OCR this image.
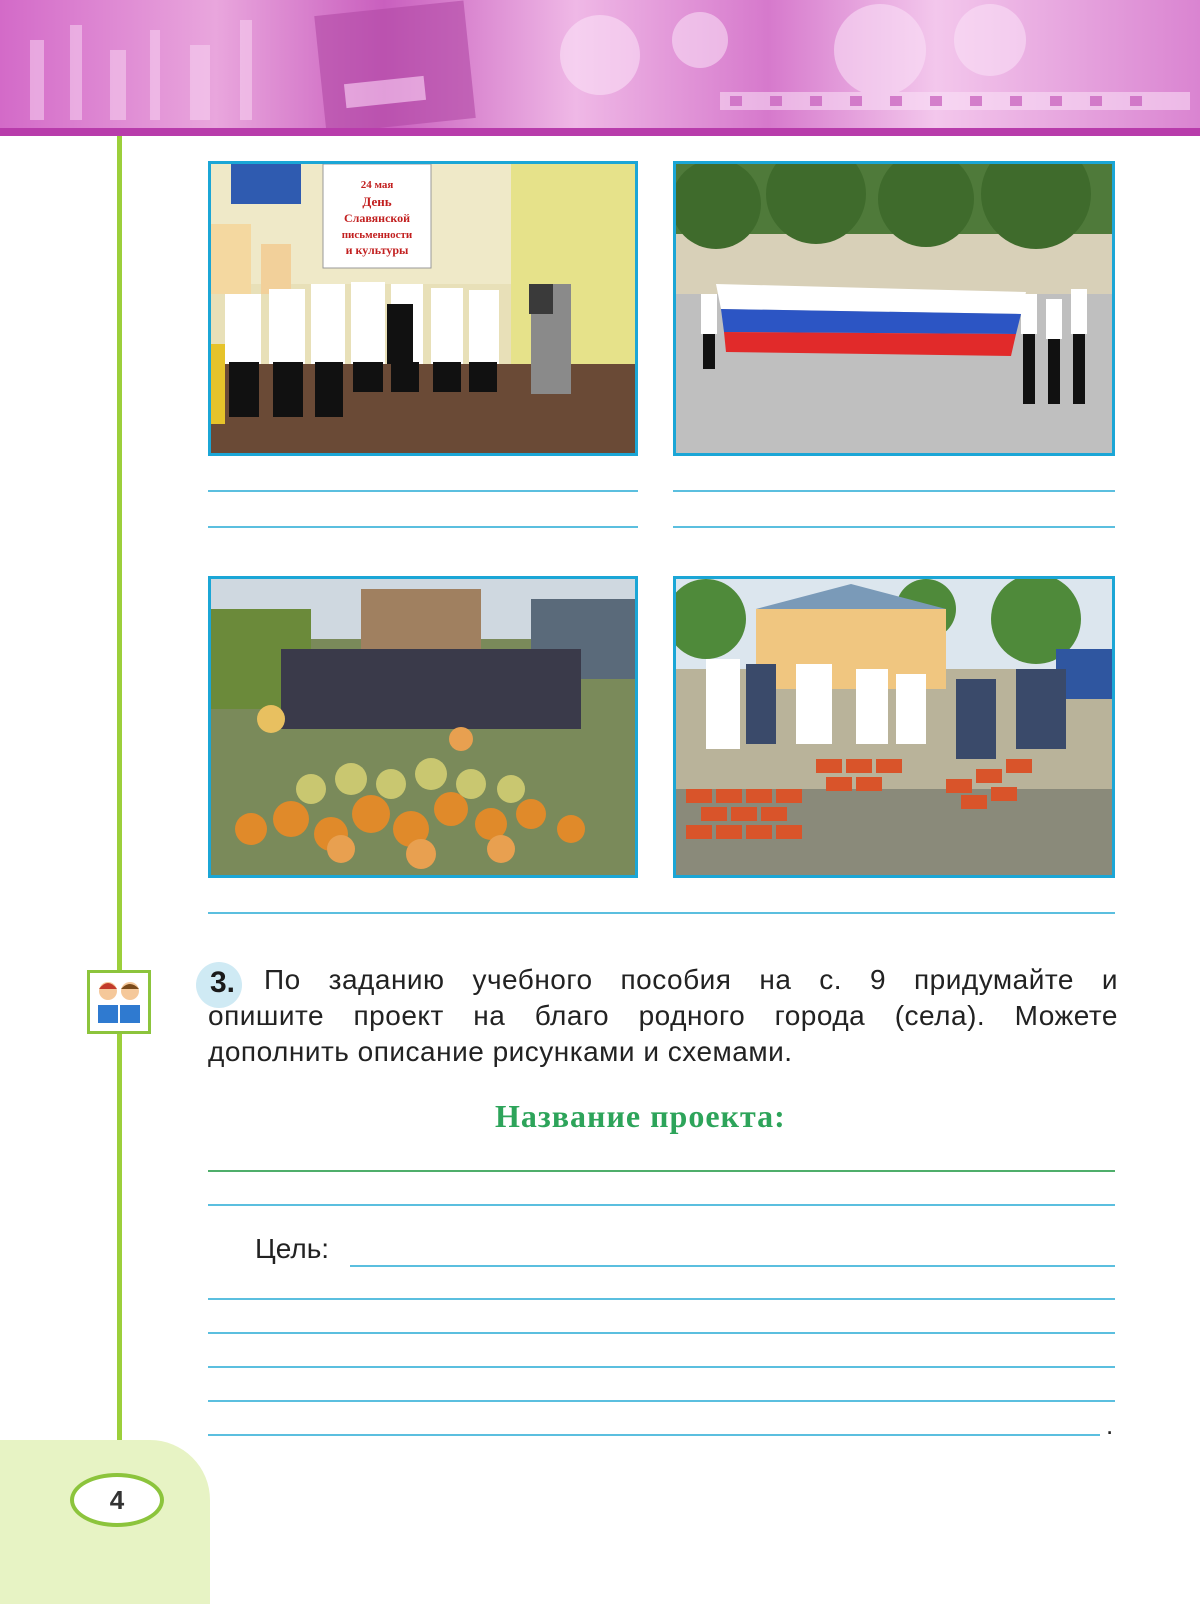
4
24 мая
День
Славянской
письменности
и культуры
3.	По заданию учебного пособия на с. 9 придумайте и
опишите проект на благо родного города (села). Можете
дополнить описание рисунками и схемами.
Название проекта:
Цель:
.
